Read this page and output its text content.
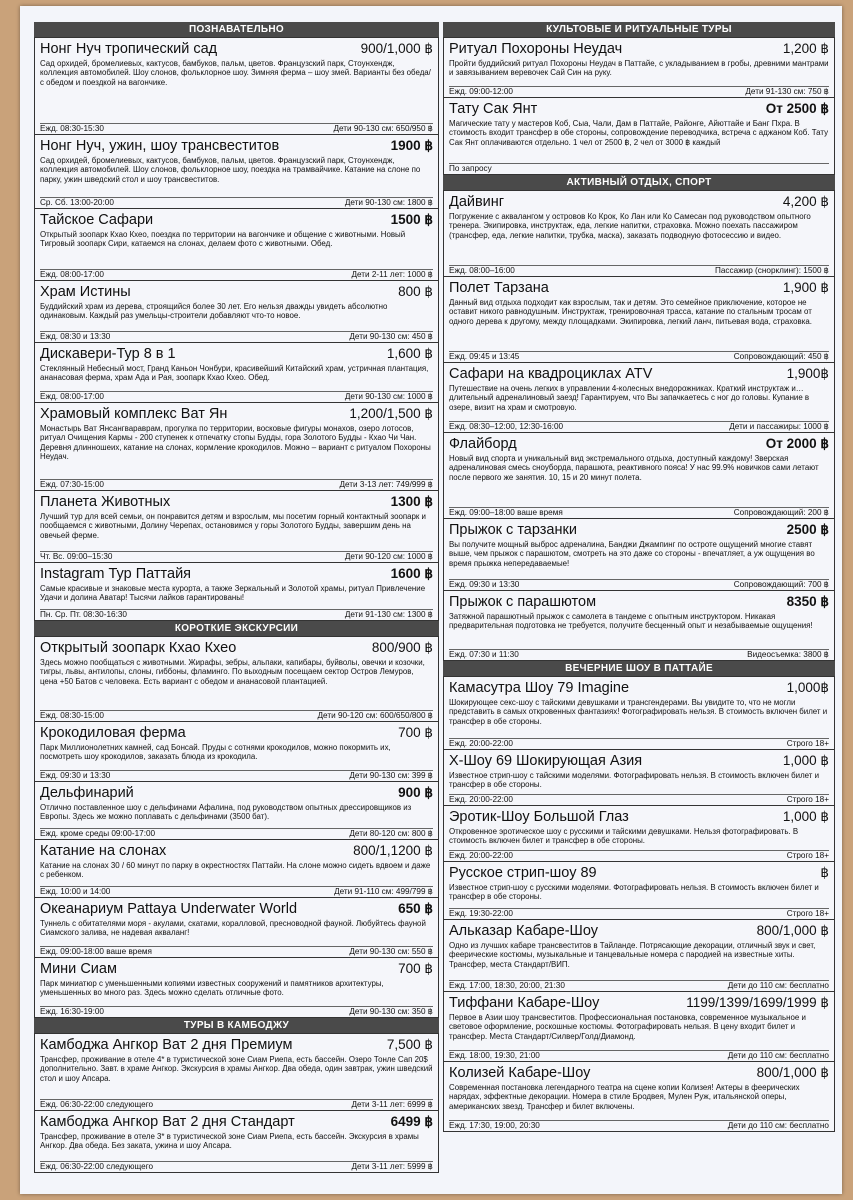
ПОЗНАВАТЕЛЬНО
Нонг Нуч тропический сад	900/1,000 ฿
Сад орхидей, бромелиевых, кактусов, бамбуков, пальм, цветов. Французский парк, Стоунхендж, коллекция автомобилей. Шоу слонов, фольклорное шоу. Зимняя ферма – шоу змей. Варианты без обеда/с обедом и поездкой на вагончике.
Ежд. 08:30-15:30	Дети 90-130 см: 650/950 ฿
Нонг Нуч, ужин, шоу трансвеститов	1900 ฿
Сад орхидей, бромелиевых, кактусов, бамбуков, пальм, цветов. Французский парк, Стоунхендж, коллекция автомобилей. Шоу слонов, фольклорное шоу, поездка на трамвайчике. Катание на слоне по парку, ужин шведский стол и шоу трансвеститов.
Ср. Сб. 13:00-20:00	Дети 90-130 см: 1800 ฿
Тайское Сафари	1500 ฿
Открытый зоопарк Кхао Кхео, поездка по территории на вагончике и общение с животными. Новый Тигровый зоопарк Сири, катаемся на слонах, делаем фото с животными. Обед.
Ежд. 08:00-17:00	Дети 2-11 лет: 1000 ฿
Храм Истины	800 ฿
Буддийский храм из дерева, строящийся более 30 лет. Его нельзя дважды увидеть абсолютно одинаковым. Каждый раз умельцы-строители добавляют что-то новое.
Ежд. 08:30 и 13:30	Дети 90-130 см: 450 ฿
Дискавери-Тур 8 в 1	1,600 ฿
Стеклянный Небесный мост, Гранд Каньон Чонбури, красивейший Китайский храм, устричная плантация, ананасовая ферма, храм Ада и Рая, зоопарк Кхао Кхео. Обед.
Ежд. 08:00-17:00	Дети 90-130 см: 1000 ฿
Храмовый комплекс Ват Ян	1,200/1,500 ฿
Монастырь Ват Янсангвараврам, прогулка по территории, восковые фигуры монахов, озеро лотосов, ритуал Очищения Кармы - 200 ступенек к отпечатку стопы Будды, гора Золотого Будды - Кхао Чи Чан. Деревня длинношеих, катание на слонах, кормление крокодилов. Можно – вариант с ритуалом Похороны Неудач.
Ежд. 07:30-15:00	Дети 3-13 лет: 749/999 ฿
Планета Животных	1300 ฿
Лучший тур для всей семьи, он понравится детям и взрослым, мы посетим горный контактный зоопарк и пообщаемся с животными, Долину Черепах, остановимся у горы Золотого Будды, завершим день на овечьей ферме.
Чт. Вс. 09:00–15:30	Дети 90-120 см: 1000 ฿
Instagram Тур Паттайя	1600 ฿
Самые красивые и знаковые места курорта, а также Зеркальный и Золотой храмы, ритуал Привлечение Удачи и долина Аватар! Тысячи лайков гарантированы!
Пн. Ср. Пт. 08:30-16:30	Дети 91-130 см: 1300 ฿
КОРОТКИЕ ЭКСКУРСИИ
Открытый зоопарк Кхао Кхео	800/900 ฿
Здесь можно пообщаться с животными. Жирафы, зебры, альпаки, капибары, буйволы, овечки и козочки, тигры, львы, антилопы, слоны, гиббоны, фламинго. По выходным посещаем сектор Остров Лемуров, цена +50 Батов с человека. Есть вариант с обедом и ананасовой плантацией.
Ежд. 08:30-15:00	Дети 90-120 см: 600/650/800 ฿
Крокодиловая ферма	700 ฿
Парк Миллионолетних камней, сад Бонсай. Пруды с сотнями крокодилов, можно покормить их, посмотреть шоу крокодилов, заказать блюда из крокодила.
Ежд. 09:30 и 13:30	Дети 90-130 см: 399 ฿
Дельфинарий	900 ฿
Отлично поставленное шоу с дельфинами Афалина, под руководством опытных дрессировщиков из Европы. Здесь же можно поплавать с дельфинами (3500 бат).
Ежд. кроме среды 09:00-17:00	Дети 80-120 см: 800 ฿
Катание на слонах	800/1,1200 ฿
Катание на слонах 30 / 60 минут по парку в окрестностях Паттайи. На слоне можно сидеть вдвоем и даже с ребенком.
Ежд. 10:00 и 14:00	Дети 91-110 см: 499/799 ฿
Океанариум Pattaya Underwater World	650 ฿
Туннель с обитателями моря - акулами, скатами, коралловой, пресноводной фауной. Любуйтесь фауной Сиамского залива, не надевая акваланг!
Ежд. 09:00-18:00 ваше время	Дети 90-130 см: 550 ฿
Мини Сиам	700 ฿
Парк миниатюр с уменьшенными копиями известных сооружений и памятников архитектуры, уменьшенных во много раз. Здесь можно сделать отличные фото.
Ежд. 16:30-19:00	Дети 90-130 см: 350 ฿
ТУРЫ В КАМБОДЖУ
Камбоджа Ангкор Ват 2 дня Премиум	7,500 ฿
Трансфер, проживание в отеле 4* в туристической зоне Сиам Риепа, есть бассейн. Озеро Тонле Сап 20$ дополнительно. Завт. в храме Ангкор. Экскурсия в храмы Ангкор. Два обеда, один завтрак, ужин шведский стол и шоу Апсара.
Ежд. 06:30-22:00 следующего	Дети 3-11 лет: 6999 ฿
Камбоджа Ангкор Ват 2 дня Стандарт	6499 ฿
Трансфер, проживание в отеле 3* в туристической зоне Сиам Риепа, есть бассейн. Экскурсия в храмы Ангкор. Два обеда. Без заката, ужина и шоу Апсара.
Ежд. 06:30-22:00 следующего	Дети 3-11 лет: 5999 ฿
КУЛЬТОВЫЕ И РИТУАЛЬНЫЕ ТУРЫ
Ритуал Похороны Неудач	1,200 ฿
Пройти буддийский ритуал Похороны Неудач в Паттайе, с укладыванием в гробы, древними мантрами и завязыванием веревочек Сай Син на руку.
Ежд. 09:00-12:00	Дети 91-130 см: 750 ฿
Тату Сак Янт	От 2500 ฿
Магические тату у мастеров Коб, Сыа, Чали, Дам в Паттайе, Районге, Айюттайе и Банг Пхра. В стоимость входит трансфер в обе стороны, сопровождение переводчика, встреча с аджаном Коб. Тату Сак Янт оплачиваются отдельно. 1 чел от 2500 ฿, 2 чел от 3000 ฿ каждый
По запросу
АКТИВНЫЙ ОТДЫХ, СПОРТ
Дайвинг	4,200 ฿
Погружение с аквалангом у островов Ко Крок, Ко Лан или Ко Самесан под руководством опытного тренера. Экипировка, инструктаж, еда, легкие напитки, страховка. Можно поехать пассажиром (трансфер, еда, легкие напитки, трубка, маска), заказать подводную фотосессию и видео.
Ежд. 08:00–16:00	Пассажир (снорклинг): 1500 ฿
Полет Тарзана	1,900 ฿
Данный вид отдыха подходит как взрослым, так и детям. Это семейное приключение, которое не оставит никого равнодушным. Инструктаж, тренировочная трасса, катание по стальным тросам от одного дерева к другому, между площадками. Экипировка, легкий ланч, питьевая вода, страховка.
Ежд. 09:45 и 13:45	Сопровождающий: 450 ฿
Сафари на квадроциклах ATV	1,900฿
Путешествие на очень легких в управлении 4-колесных внедорожниках. Краткий инструктаж и… длительный адреналиновый заезд! Гарантируем, что Вы запачкаетесь с ног до головы. Купание в озере, визит на храм и смотровую.
Ежд. 08:30–12:00, 12:30-16:00	Дети и пассажиры: 1000 ฿
Флайборд	От 2000 ฿
Новый вид спорта и уникальный вид экстремального отдыха, доступный каждому! Зверская адреналиновая смесь сноуборда, парашюта, реактивного пояса! У нас 99.9% новичков сами летают после первого же занятия. 10, 15 и 20 минут полета.
Ежд. 09:00–18:00 ваше время	Сопровождающий: 200 ฿
Прыжок с тарзанки	2500 ฿
Вы получите мощный выброс адреналина, Банджи Джампинг по остроте ощущений многие ставят выше, чем прыжок с парашютом, смотреть на это даже со стороны - впечатляет, а уж ощущения во время прыжка непередаваемые!
Ежд. 09:30 и 13:30	Сопровождающий: 700 ฿
Прыжок с парашютом	8350 ฿
Затяжной парашютный прыжок с самолета в тандеме с опытным инструктором. Никакая предварительная подготовка не требуется, получите бесценный опыт и незабываемые ощущения!
Ежд. 07:30 и 11:30	Видеосъемка: 3800 ฿
ВЕЧЕРНИЕ ШОУ В ПАТТАЙЕ
Камасутра Шоу 79 Imagine	1,000฿
Шокирующее секс-шоу с тайскими девушками и трансгендерами. Вы увидите то, что не могли представить в самых откровенных фантазиях! Фотографировать нельзя. В стоимость включен билет и трансфер в обе стороны.
Ежд. 20:00-22:00	Строго 18+
Х-Шоу 69 Шокирующая Азия	1,000 ฿
Известное стрип-шоу с тайскими моделями. Фотографировать нельзя. В стоимость включен билет и трансфер в обе стороны.
Ежд. 20:00-22:00	Строго 18+
Эротик-Шоу Большой Глаз	1,000 ฿
Откровенное эротическое шоу с русскими и тайскими девушками. Нельзя фотографировать. В стоимость включен билет и трансфер в обе стороны.
Ежд. 20:00-22:00	Строго 18+
Русское стрип-шоу 89	฿
Известное стрип-шоу с русскими моделями. Фотографировать нельзя. В стоимость включен билет и трансфер в обе стороны.
Ежд. 19:30-22:00	Строго 18+
Альказар Кабаре-Шоу	800/1,000 ฿
Одно из лучших кабаре трансвеститов в Тайланде. Потрясающие декорации, отличный звук и свет, феерические костюмы, музыкальные и танцевальные номера с пародией на известные хиты. Трансфер, места Стандарт/ВИП.
Ежд. 17:00, 18:30, 20:00, 21:30	Дети до 110 см: бесплатно
Тиффани Кабаре-Шоу	1199/1399/1699/1999 ฿
Первое в Азии шоу трансвеститов. Профессиональная постановка, современное музыкальное и световое оформление, роскошные костюмы. Фотографировать нельзя. В цену входит билет и трансфер. Места Стандарт/Силвер/Голд/Диамонд.
Ежд. 18:00, 19:30, 21:00	Дети до 110 см: бесплатно
Колизей Кабаре-Шоу	800/1,000 ฿
Современная постановка легендарного театра на сцене копии Колизея! Актеры в феерических нарядах, эффектные декорации. Номера в стиле Бродвея, Мулен Руж, итальянской оперы, американских звезд. Трансфер и билет включены.
Ежд. 17:30, 19:00, 20:30	Дети до 110 см: бесплатно
